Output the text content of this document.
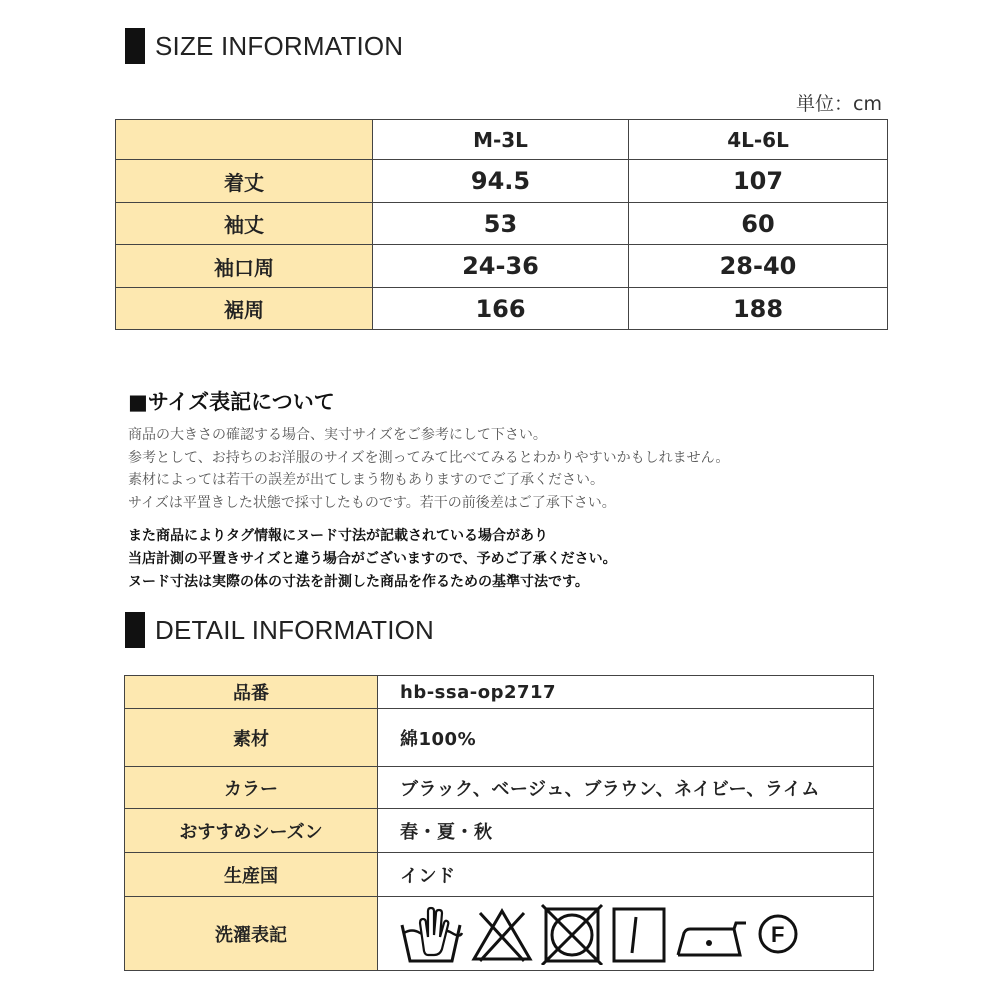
SIZE INFORMATION
単位：cm
	M-3L	4L-6L
着丈	94.5	107
袖丈	53	60
袖口周	24-36	28-40
裾周	166	188
■サイズ表記について
商品の大きさの確認する場合、実寸サイズをご参考にして下さい。
参考として、お持ちのお洋服のサイズを測ってみて比べてみるとわかりやすいかもしれません。
素材によっては若干の誤差が出てしまう物もありますのでご了承ください。
サイズは平置きした状態で採寸したものです。若干の前後差はご了承下さい。
また商品によりタグ情報にヌード寸法が記載されている場合があり
当店計測の平置きサイズと違う場合がございますので、予めご了承ください。
ヌード寸法は実際の体の寸法を計測した商品を作るための基準寸法です。
DETAIL INFORMATION
品番	hb-ssa-op2717
素材	綿100%
カラー	ブラック、ベージュ、ブラウン、ネイビー、ライム
おすすめシーズン	春・夏・秋
生産国	インド
洗濯表記	F
